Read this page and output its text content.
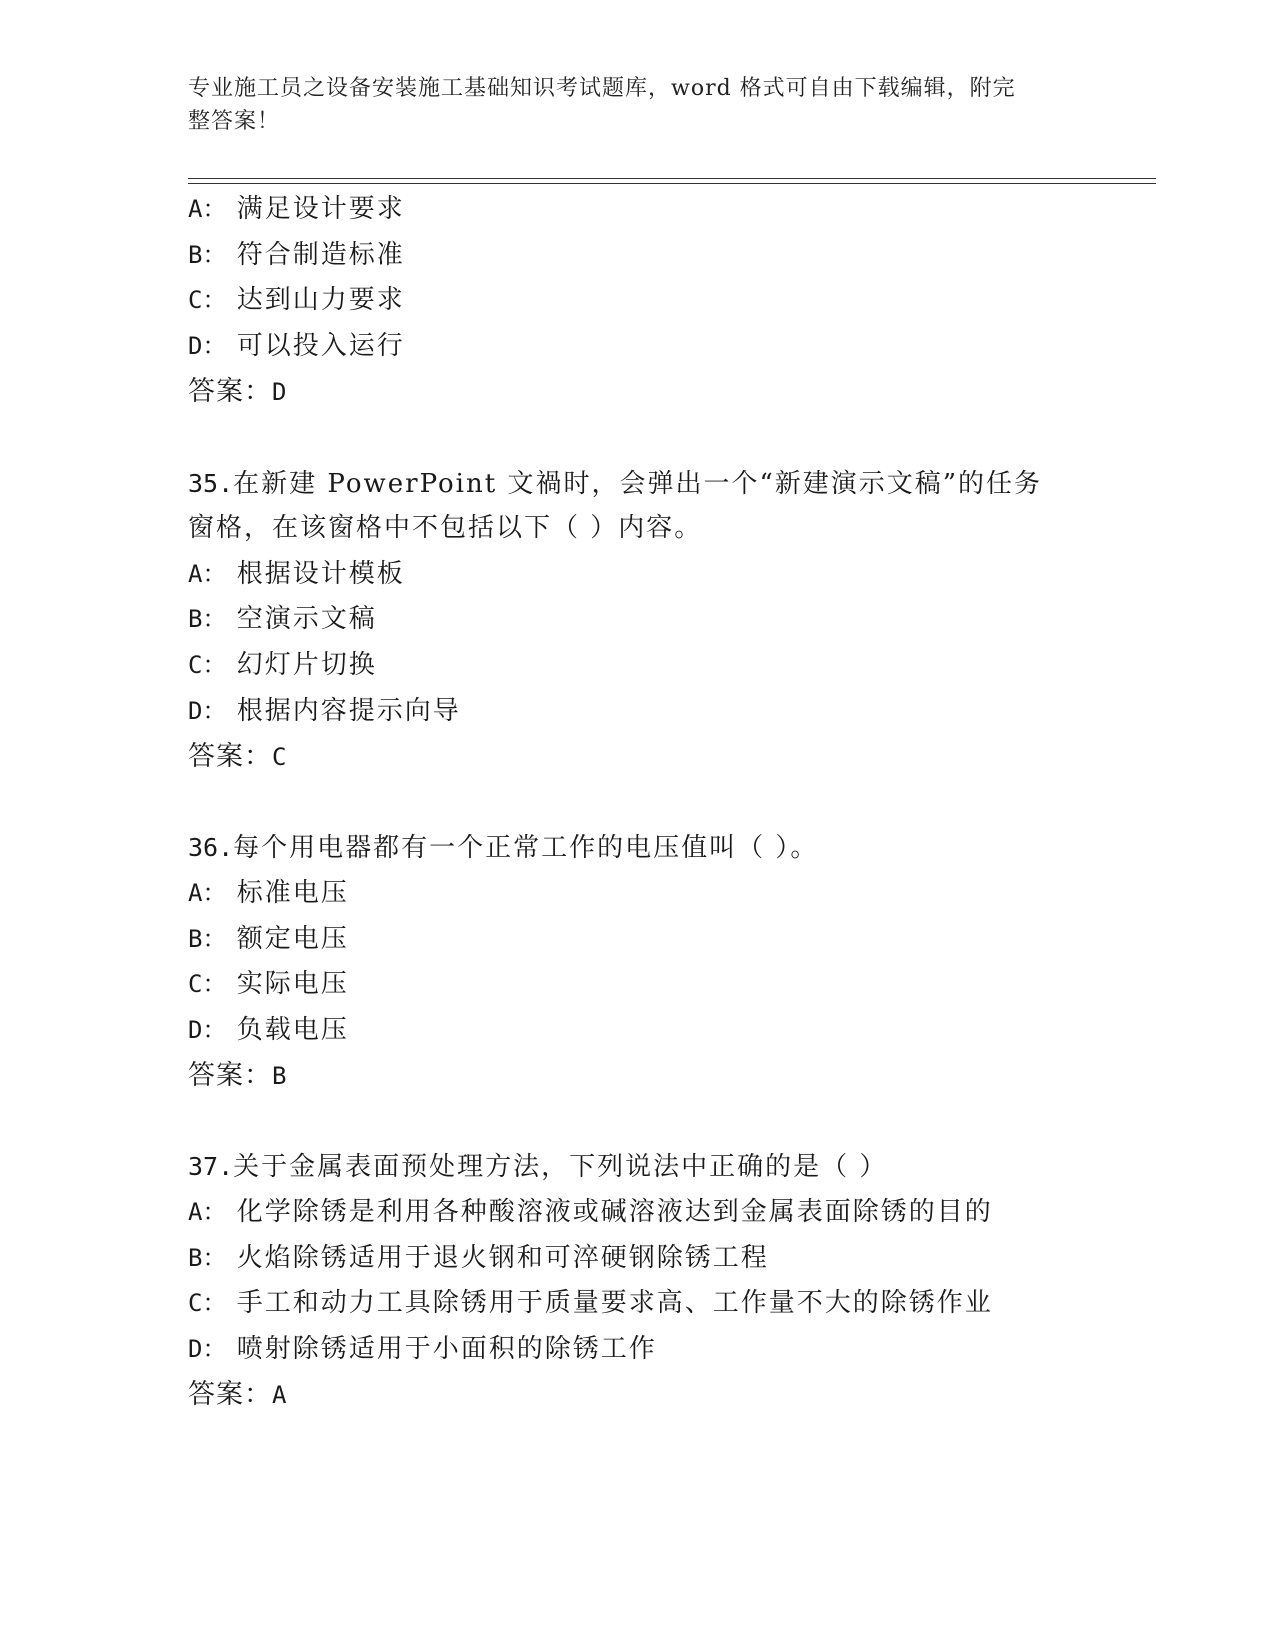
专业施工员之设备安装施工基础知识考试题库，word 格式可自由下载编辑，附完
整答案！
A： 满足设计要求
B： 符合制造标准
C： 达到山力要求
D： 可以投入运行
答案：D
35.在新建 PowerPoint 文禍时，会弹出一个“新建演示文稿”的任务
窗格，在该窗格中不包括以下（ ）内容。
A： 根据设计模板
B： 空演示文稿
C： 幻灯片切换
D： 根据内容提示向导
答案：C
36.每个用电器都有一个正常工作的电压值叫（ ）。
A： 标准电压
B： 额定电压
C： 实际电压
D： 负载电压
答案：B
37.关于金属表面预处理方法，下列说法中正确的是（ ）
A： 化学除锈是利用各种酸溶液或碱溶液达到金属表面除锈的目的
B： 火焰除锈适用于退火钢和可淬硬钢除锈工程
C： 手工和动力工具除锈用于质量要求高、工作量不大的除锈作业
D： 喷射除锈适用于小面积的除锈工作
答案：A
